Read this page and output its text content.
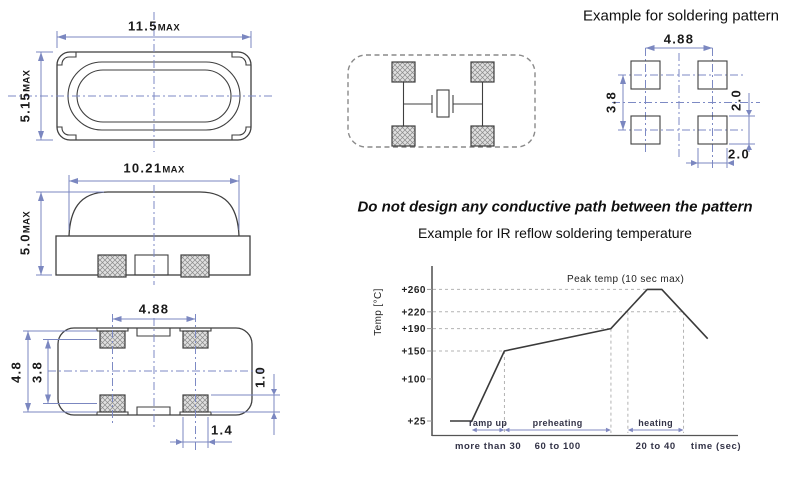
+260
+220
+190
+150
+100
+25	ramp up
more than 30
preheating
60 to 100
heating
20 to 40 time (sec)
Peak temp (10 sec max)
Temp [°C]
Example for soldering pattern
Do not design any conductive path between the pattern
Example for IR reflow soldering temperature
11.5 MAX
5.15
MAX
10.21 MAX
5.0
MAX
4.88
4.8 3.8	1.0
1.4
4.88
3.8	2.0
2.0
